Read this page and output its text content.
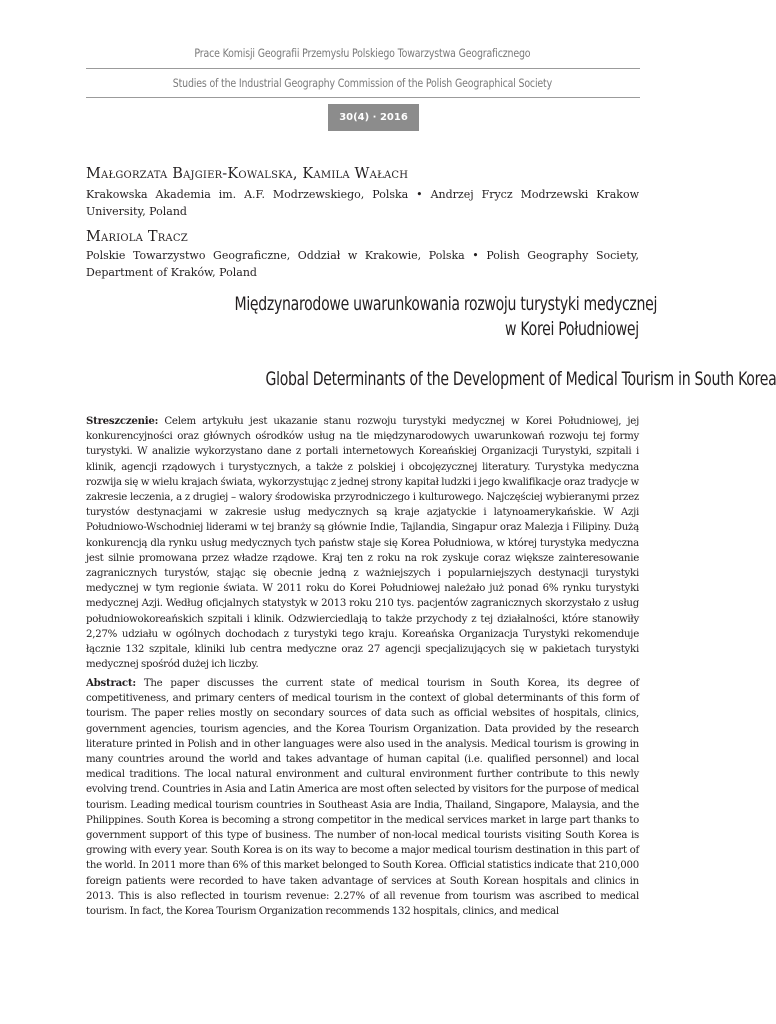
Prace Komisji Geografii Przemysłu Polskiego Towarzystwa Geograficznego
Studies of the Industrial Geography Commission of the Polish Geographical Society
30(4) · 2016
Małgorzata Bajgier-Kowalska, Kamila Wałach
Krakowska Akademia im. A.F. Modrzewskiego, Polska • Andrzej Frycz Modrzewski Krakow University, Poland
Mariola Tracz
Polskie Towarzystwo Geograficzne, Oddział w Krakowie, Polska • Polish Geography Society, Department of Kraków, Poland
Międzynarodowe uwarunkowania rozwoju turystyki medycznej
w Korei Południowej
Global Determinants of the Development of Medical Tourism in South Korea
Streszczenie: Celem artykułu jest ukazanie stanu rozwoju turystyki medycznej w Korei Południowej, jej konkurencyjności oraz głównych ośrodków usług na tle międzynarodowych uwarunkowań rozwoju tej formy turystyki. W analizie wykorzystano dane z portali internetowych Koreańskiej Organizacji Turystyki, szpitali i klinik, agencji rządowych i turystycznych, a także z polskiej i obcojęzycznej literatury. Turystyka medyczna rozwija się w wielu krajach świata, wykorzystując z jednej strony kapitał ludzki i jego kwalifikacje oraz tradycje w zakresie leczenia, a z drugiej – walory środowiska przyrodniczego i kulturowego. Najczęściej wybieranymi przez turystów destynacjami w zakresie usług medycznych są kraje azjatyckie i latynoamerykańskie. W Azji Południowo-Wschodniej liderami w tej branży są głównie Indie, Tajlandia, Singapur oraz Malezja i Filipiny. Dużą konkurencją dla rynku usług medycznych tych państw staje się Korea Południowa, w której turystyka medyczna jest silnie promowana przez władze rządowe. Kraj ten z roku na rok zyskuje coraz większe zainteresowanie zagranicznych turystów, stając się obecnie jedną z ważniejszych i popularniejszych destynacji turystyki medycznej w tym regionie świata. W 2011 roku do Korei Południowej należało już ponad 6% rynku turystyki medycznej Azji. Według oficjalnych statystyk w 2013 roku 210 tys. pacjentów zagranicznych skorzystało z usług południowokoreańskich szpitali i klinik. Odzwierciedlają to także przychody z tej działalności, które stanowiły 2,27% udziału w ogólnych dochodach z turystyki tego kraju. Koreańska Organizacja Turystyki rekomenduje łącznie 132 szpitale, kliniki lub centra medyczne oraz 27 agencji specjalizujących się w pakietach turystyki medycznej spośród dużej ich liczby.
Abstract: The paper discusses the current state of medical tourism in South Korea, its degree of competitiveness, and primary centers of medical tourism in the context of global determinants of this form of tourism. The paper relies mostly on secondary sources of data such as official websites of hospitals, clinics, government agencies, tourism agencies, and the Korea Tourism Organization. Data provided by the research literature printed in Polish and in other languages were also used in the analysis. Medical tourism is growing in many countries around the world and takes advantage of human capital (i.e. qualified personnel) and local medical traditions. The local natural environment and cultural environment further contribute to this newly evolving trend. Countries in Asia and Latin America are most often selected by visitors for the purpose of medical tourism. Leading medical tourism countries in Southeast Asia are India, Thailand, Singapore, Malaysia, and the Philippines. South Korea is becoming a strong competitor in the medical services market in large part thanks to government support of this type of business. The number of non-local medical tourists visiting South Korea is growing with every year. South Korea is on its way to become a major medical tourism destination in this part of the world. In 2011 more than 6% of this market belonged to South Korea. Official statistics indicate that 210,000 foreign patients were recorded to have taken advantage of services at South Korean hospitals and clinics in 2013. This is also reflected in tourism revenue: 2.27% of all revenue from tourism was ascribed to medical tourism. In fact, the Korea Tourism Organization recommends 132 hospitals, clinics, and medical
